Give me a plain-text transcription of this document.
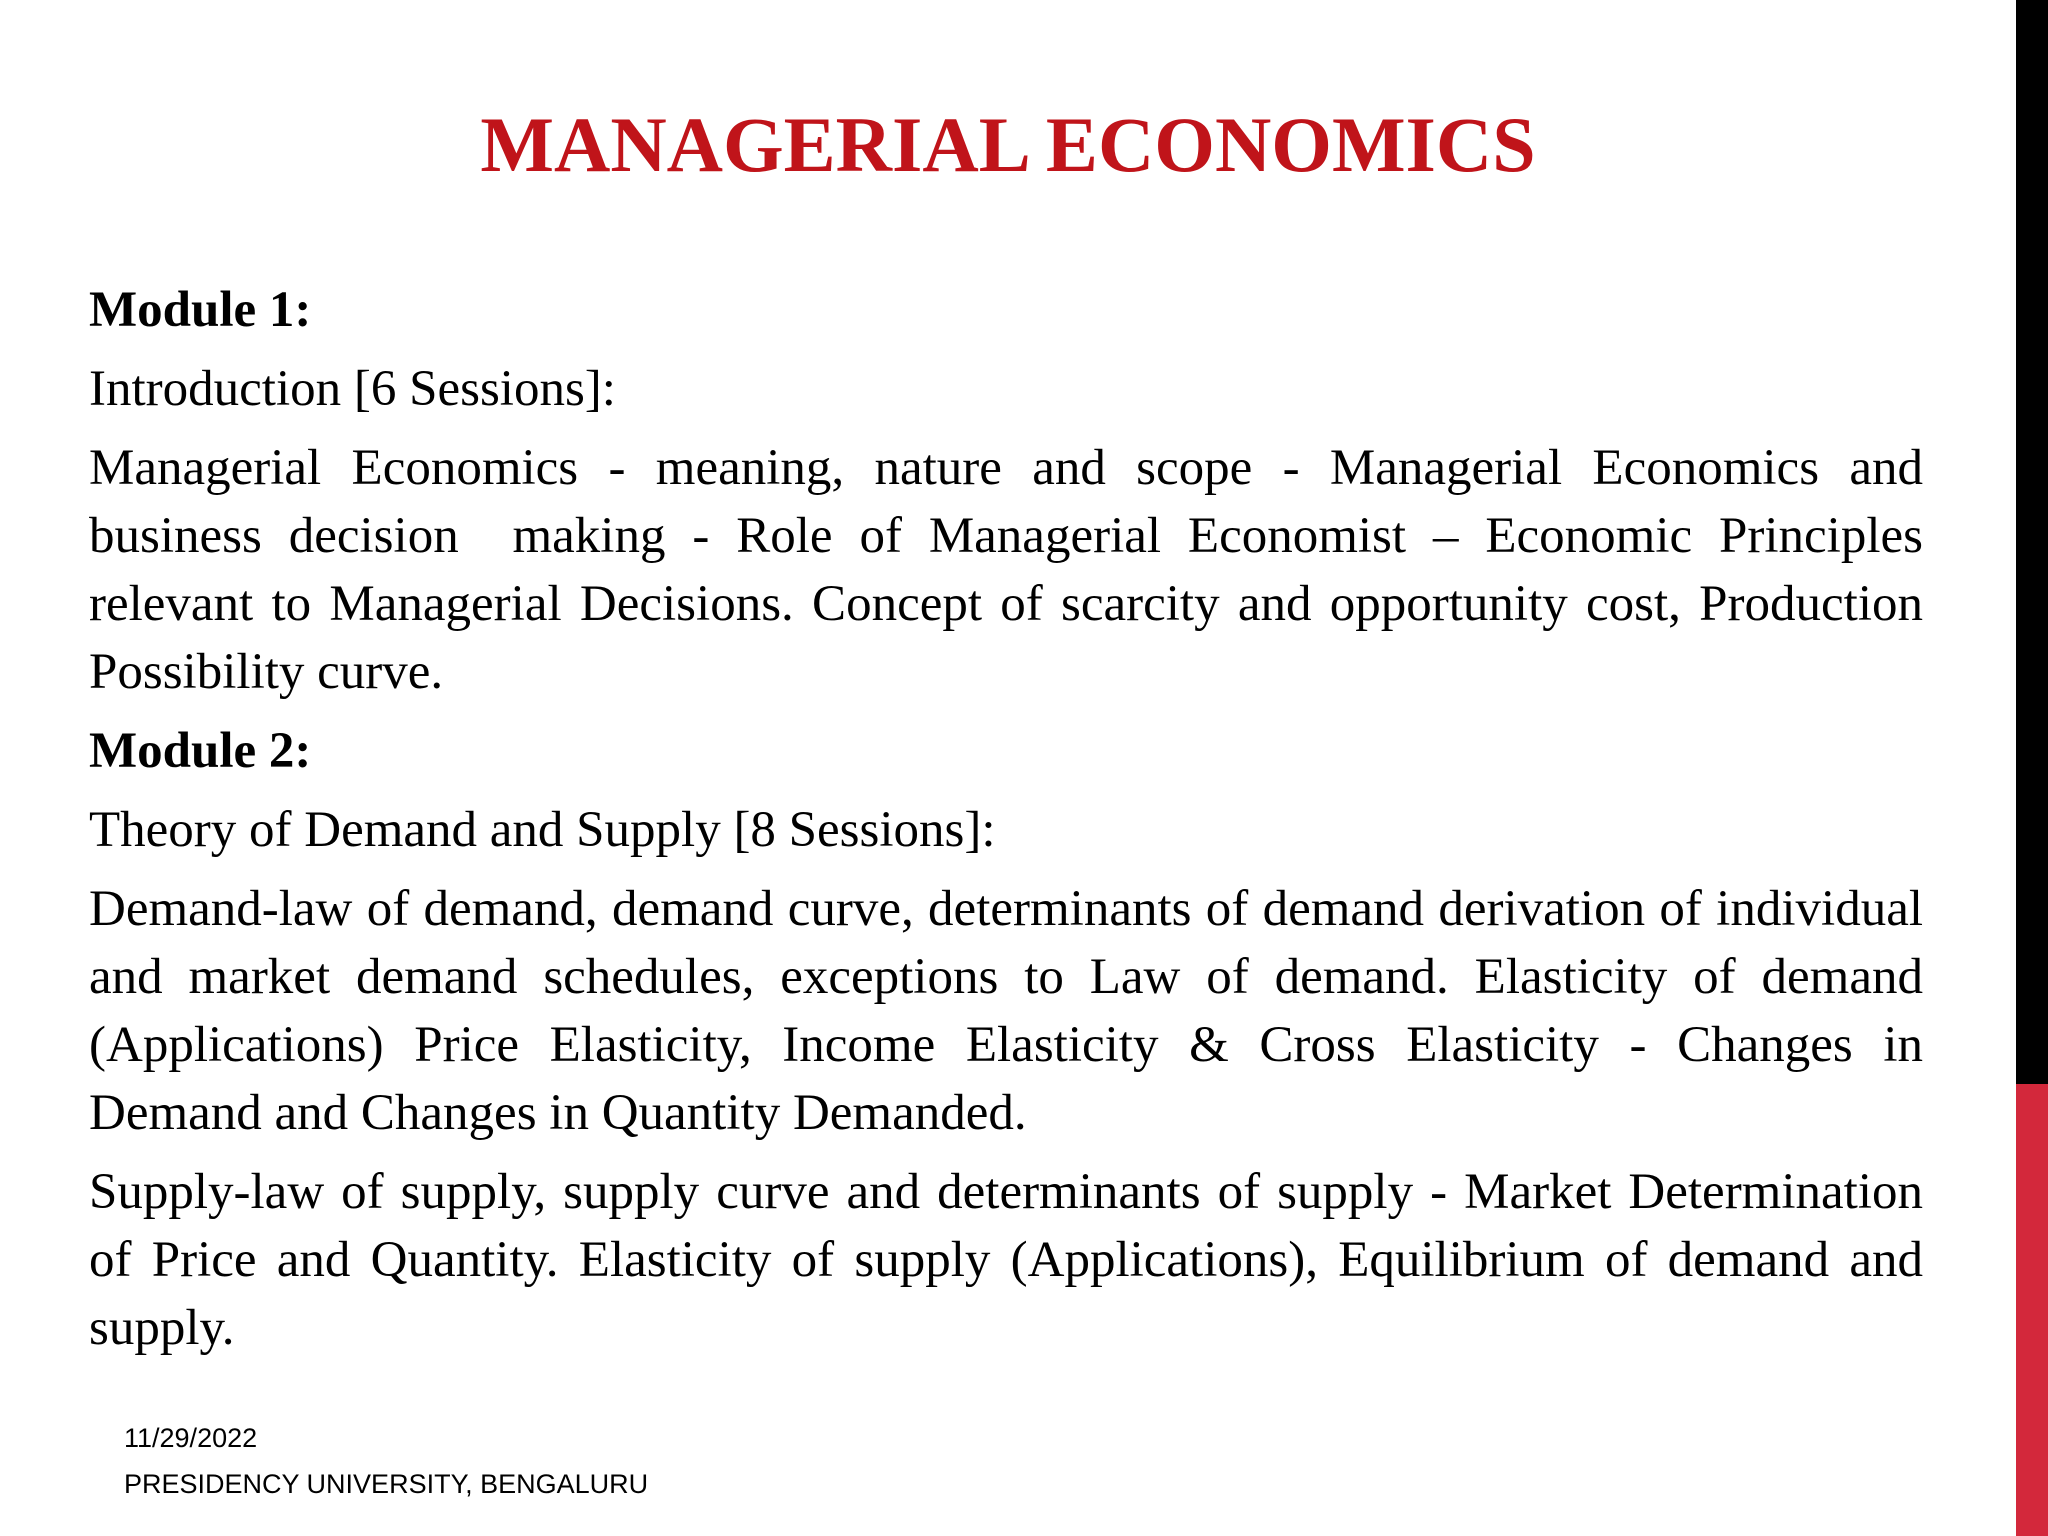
MANAGERIAL ECONOMICS
Module 1:
Introduction [6 Sessions]:
Managerial Economics - meaning, nature and scope - Managerial Economics and business decision  making - Role of Managerial Economist – Economic Principles relevant to Managerial Decisions. Concept of scarcity and opportunity cost, Production Possibility curve.
Module 2:
Theory of Demand and Supply [8 Sessions]:
Demand-law of demand, demand curve, determinants of demand derivation of individual and market demand schedules, exceptions to Law of demand. Elasticity of demand (Applications) Price Elasticity, Income Elasticity & Cross Elasticity - Changes in Demand and Changes in Quantity Demanded.
Supply-law of supply, supply curve and determinants of supply - Market Determination of Price and Quantity. Elasticity of supply (Applications), Equilibrium of demand and supply.
11/29/2022
PRESIDENCY UNIVERSITY, BENGALURU
